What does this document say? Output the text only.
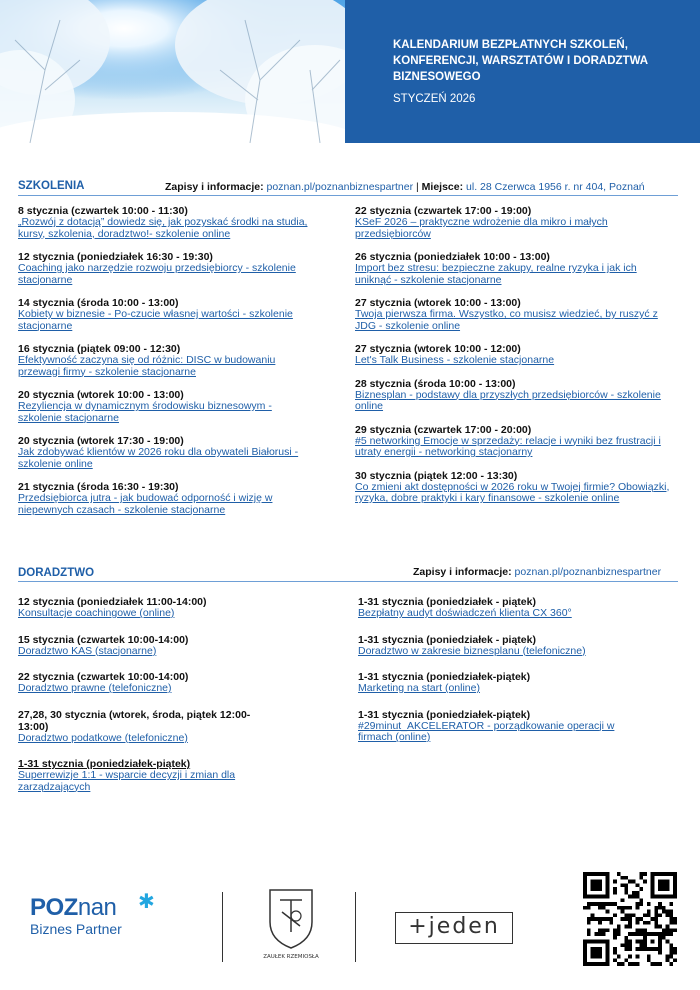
KALENDARIUM BEZPŁATNYCH SZKOLEŃ, KONFERENCJI, WARSZTATÓW I DORADZTWA BIZNESOWEGO
STYCZEŃ 2026
SZKOLENIA	Zapisy i informacje: poznan.pl/poznanbiznespartner | Miejsce: ul. 28 Czerwca 1956 r. nr 404, Poznań
8 stycznia (czwartek 10:00 - 11:30)
„Rozwój z dotacją” dowiedz się, jak pozyskać środki na studia, kursy, szkolenia, doradztwo!- szkolenie online
12 stycznia (poniedziałek 16:30 - 19:30)
Coaching jako narzędzie rozwoju przedsiębiorcy - szkolenie stacjonarne
14 stycznia (środa 10:00 - 13:00)
Kobiety w biznesie - Po-czucie własnej wartości - szkolenie stacjonarne
16 stycznia (piątek 09:00 - 12:30)
Efektywność zaczyna się od różnic: DISC w budowaniu przewagi firmy - szkolenie stacjonarne
20 stycznia (wtorek 10:00 - 13:00)
Rezyliencja w dynamicznym środowisku biznesowym - szkolenie stacjonarne
20 stycznia (wtorek 17:30 - 19:00)
Jak zdobywać klientów w 2026 roku dla obywateli Białorusi - szkolenie online
21 stycznia (środa 16:30 - 19:30)
Przedsiębiorca jutra - jak budować odporność i wizję w niepewnych czasach - szkolenie stacjonarne
22 stycznia (czwartek 17:00 - 19:00)
KSeF 2026 – praktyczne wdrożenie dla mikro i małych przedsiębiorców
26 stycznia (poniedziałek 10:00 - 13:00)
Import bez stresu: bezpieczne zakupy, realne ryzyka i jak ich uniknąć - szkolenie stacjonarne
27 stycznia (wtorek 10:00 - 13:00)
Twoja pierwsza firma. Wszystko, co musisz wiedzieć, by ruszyć z JDG - szkolenie online
27 stycznia (wtorek 10:00 - 12:00)
Let's Talk Business - szkolenie stacjonarne
28 stycznia (środa 10:00 - 13:00)
Biznesplan - podstawy dla przyszłych przedsiębiorców - szkolenie online
29 stycznia (czwartek 17:00 - 20:00)
#5 networking Emocje w sprzedaży: relacje i wyniki bez frustracji i utraty energii - networking stacjonarny
30 stycznia (piątek 12:00 - 13:30)
Co zmieni akt dostępności w 2026 roku w Twojej firmie? Obowiązki, ryzyka, dobre praktyki i kary finansowe - szkolenie online
DORADZTWO	Zapisy i informacje: poznan.pl/poznanbiznespartner
12 stycznia (poniedziałek 11:00-14:00)
Konsultacje coachingowe (online)
15 stycznia (czwartek 10:00-14:00)
Doradztwo KAS (stacjonarne)
22 stycznia (czwartek 10:00-14:00)
Doradztwo prawne (telefoniczne)
27,28, 30 stycznia (wtorek, środa, piątek 12:00-13:00)
Doradztwo podatkowe (telefoniczne)
1-31 stycznia (poniedziałek-piątek)
Superrewizje 1:1 - wsparcie decyzji i zmian dla zarządzających
1-31 stycznia (poniedziałek - piątek)
Bezpłatny audyt doświadczeń klienta CX 360°
1-31 stycznia (poniedziałek - piątek)
Doradztwo w zakresie biznesplanu (telefoniczne)
1-31 stycznia (poniedziałek-piątek)
Marketing na start (online)
1-31 stycznia (poniedziałek-piątek)
#29minut_AKCELERATOR - porządkowanie operacji w firmach (online)
POZnan	✱
Biznes Partner
ZAUŁEK RZEMIOSŁA
+jeden
